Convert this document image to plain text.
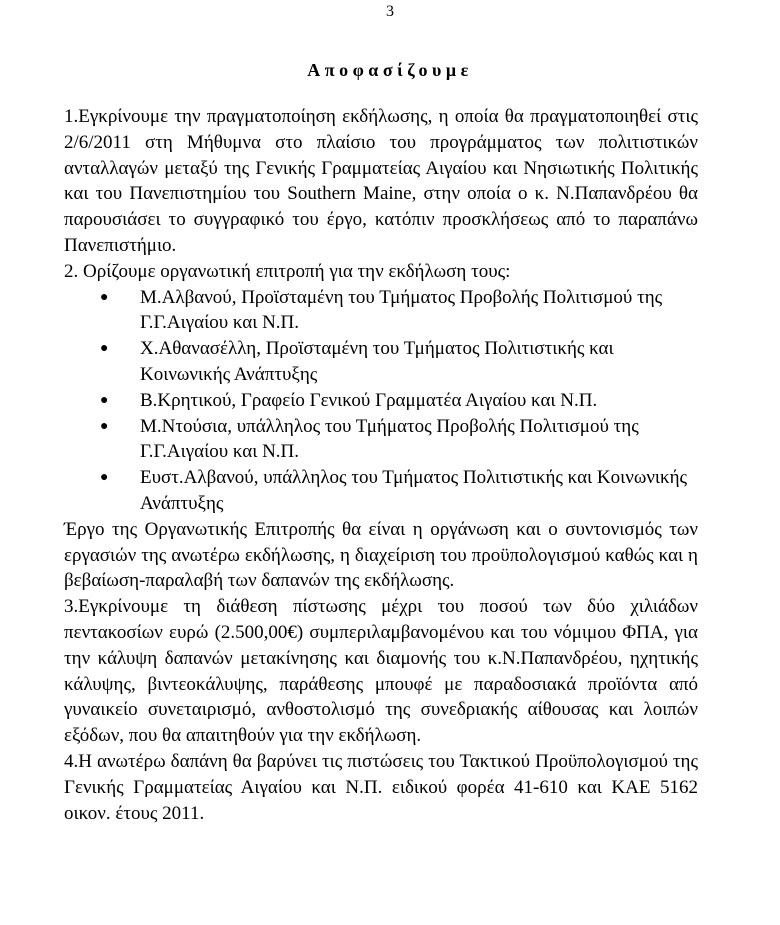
3
Αποφασίζουμε

1.Εγκρίνουμε την πραγματοποίηση εκδήλωσης, η οποία θα πραγματοποιηθεί στις 2/6/2011 στη Μήθυμνα στο πλαίσιο του προγράμματος των πολιτιστικών ανταλλαγών μεταξύ της Γενικής Γραμματείας Αιγαίου και Νησιωτικής Πολιτικής και του Πανεπιστημίου του Southern Maine, στην οποία ο κ. Ν.Παπανδρέου θα παρουσιάσει το συγγραφικό του έργο, κατόπιν προσκλήσεως από το παραπάνω Πανεπιστήμιο.

2. Ορίζουμε οργανωτική επιτροπή για την εκδήλωση τους:

● Μ.Αλβανού, Προϊσταμένη του Τμήματος Προβολής Πολιτισμού της Γ.Γ.Αιγαίου και Ν.Π.
● Χ.Αθανασέλλη, Προϊσταμένη του Τμήματος Πολιτιστικής και Κοινωνικής Ανάπτυξης
● Β.Κρητικού, Γραφείο Γενικού Γραμματέα Αιγαίου και Ν.Π.
● Μ.Ντούσια, υπάλληλος του Τμήματος Προβολής Πολιτισμού της Γ.Γ.Αιγαίου και Ν.Π.
● Ευστ.Αλβανού, υπάλληλος του Τμήματος Πολιτιστικής και Κοινωνικής Ανάπτυξης

Έργο της Οργανωτικής Επιτροπής θα είναι η οργάνωση και ο συντονισμός των εργασιών της ανωτέρω εκδήλωσης, η διαχείριση του προϋπολογισμού καθώς και η βεβαίωση-παραλαβή των δαπανών της εκδήλωσης.

3.Εγκρίνουμε τη διάθεση πίστωσης μέχρι του ποσού των δύο χιλιάδων πεντακοσίων ευρώ (2.500,00€) συμπεριλαμβανομένου και του νόμιμου ΦΠΑ, για την κάλυψη δαπανών μετακίνησης και διαμονής του κ.Ν.Παπανδρέου, ηχητικής κάλυψης, βιντεοκάλυψης, παράθεσης μπουφέ με παραδοσιακά προϊόντα από γυναικείο συνεταιρισμό, ανθοστολισμό της συνεδριακής αίθουσας και λοιπών εξόδων, που θα απαιτηθούν για την εκδήλωση.

4.Η ανωτέρω δαπάνη θα βαρύνει τις πιστώσεις του Τακτικού Προϋπολογισμού της Γενικής Γραμματείας Αιγαίου και Ν.Π. ειδικού φορέα 41-610 και ΚΑΕ 5162 οικον. έτους 2011.
